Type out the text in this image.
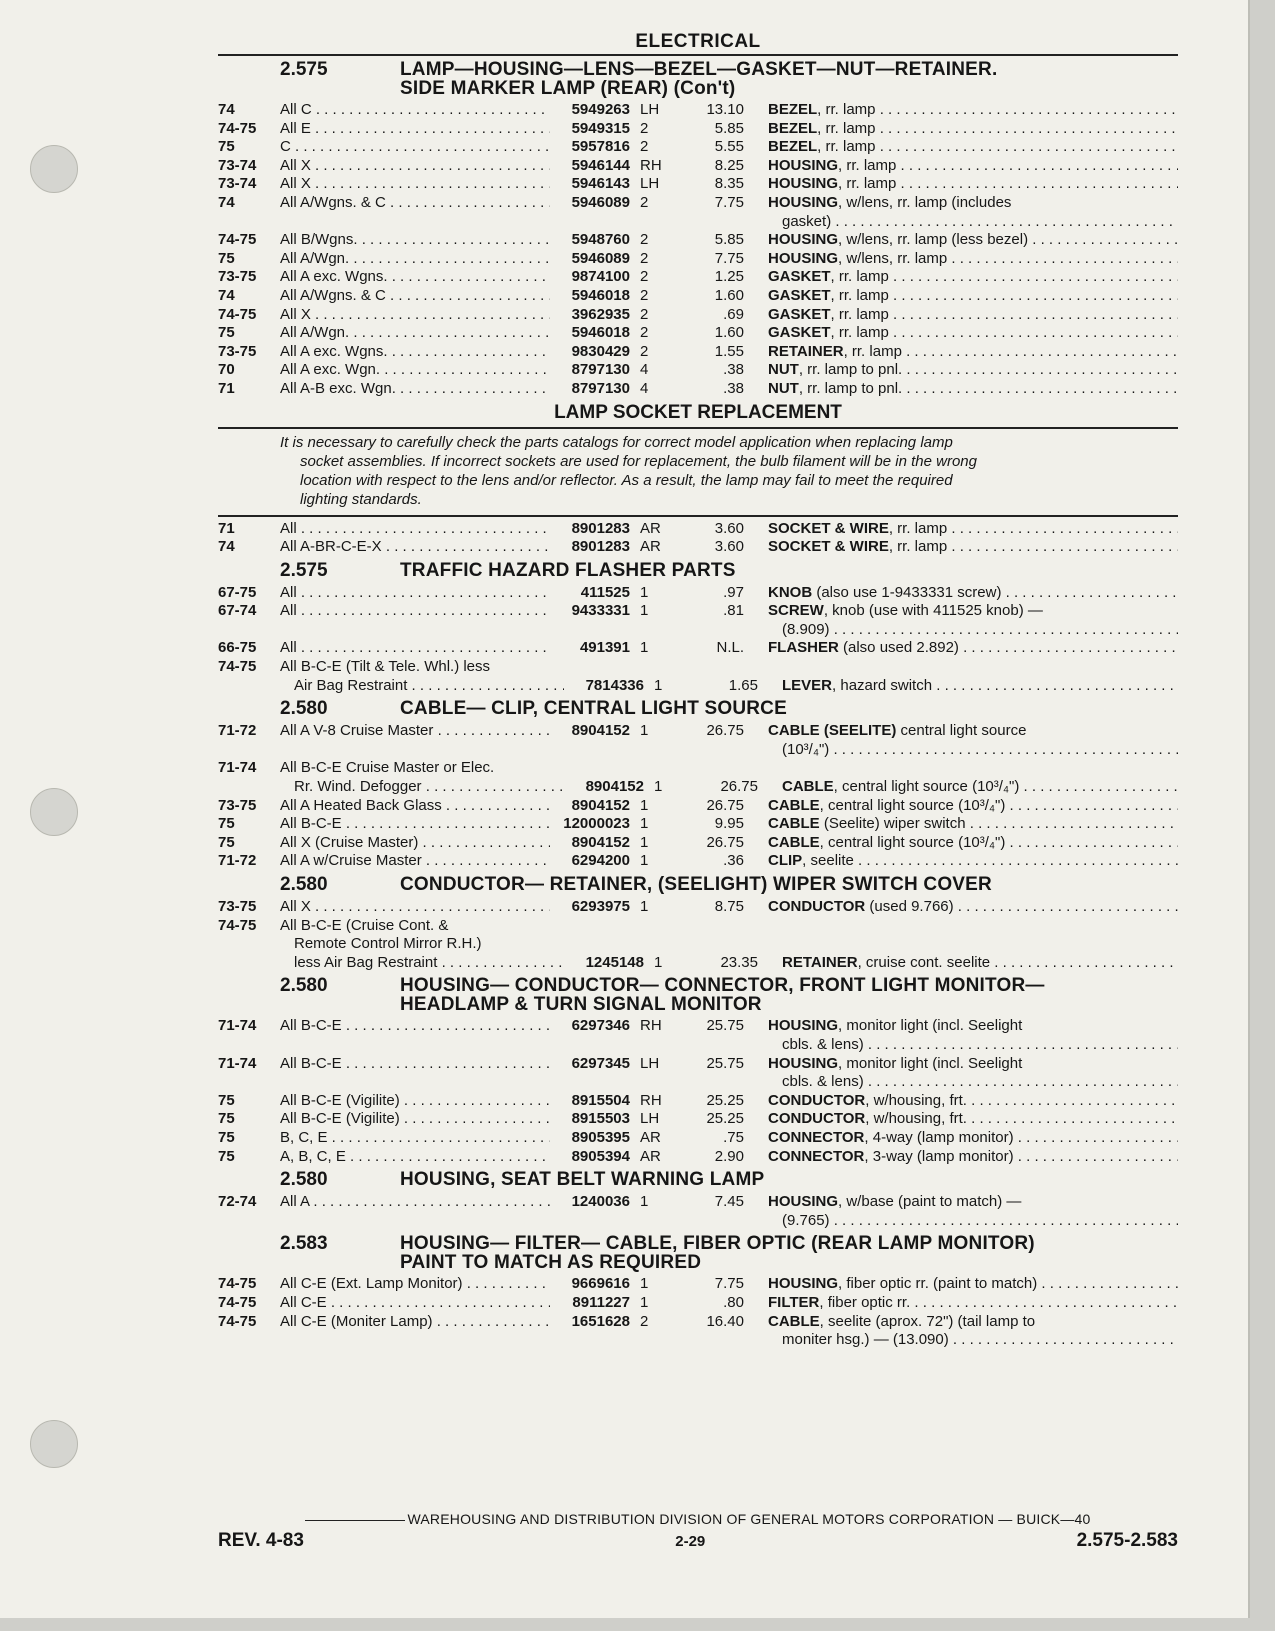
ELECTRICAL
2.575	LAMP—HOUSING—LENS—BEZEL—GASKET—NUT—RETAINER.
SIDE MARKER LAMP (REAR) (Con't)
74	All C . . .	5949263 LH	13.10	BEZEL, rr. lamp . . .
74-75	All E . . .	5949315 2	5.85	BEZEL, rr. lamp . . .
75	C . . .	5957816 2	5.55	BEZEL, rr. lamp . . .
73-74	All X . . .	5946144 RH	8.25	HOUSING, rr. lamp . . .
73-74	All X . . .	5946143 LH	8.35	HOUSING, rr. lamp . . .
74	All A/Wgns. & C . . .	5946089 2	7.75	HOUSING, w/lens, rr. lamp (includes
gasket) . . .
74-75	All B/Wgns. . . .	5948760 2	5.85	HOUSING, w/lens, rr. lamp (less bezel) . . .
75	All A/Wgn. . . .	5946089 2	7.75	HOUSING, w/lens, rr. lamp . . .
73-75	All A exc. Wgns. . . .	9874100 2	1.25	GASKET, rr. lamp . . .
74	All A/Wgns. & C . . .	5946018 2	1.60	GASKET, rr. lamp . . .
74-75	All X . . .	3962935 2	.69	GASKET, rr. lamp . . .
75	All A/Wgn. . . .	5946018 2	1.60	GASKET, rr. lamp . . .
73-75	All A exc. Wgns. . . .	9830429 2	1.55	RETAINER, rr. lamp . . .
70	All A exc. Wgn. . . .	8797130 4	.38	NUT, rr. lamp to pnl. . . .
71	All A-B exc. Wgn. . . .	8797130 4	.38	NUT, rr. lamp to pnl. . . .
LAMP SOCKET REPLACEMENT
It is necessary to carefully check the parts catalogs for correct model application when replacing lamp
socket assemblies. If incorrect sockets are used for replacement, the bulb filament will be in the wrong
location with respect to the lens and/or reflector. As a result, the lamp may fail to meet the required
lighting standards.
71	All . . .	8901283 AR	3.60	SOCKET & WIRE, rr. lamp . . .
74	All A-BR-C-E-X . . .	8901283 AR	3.60	SOCKET & WIRE, rr. lamp . . .
2.575	TRAFFIC HAZARD FLASHER PARTS
67-75	All . . .	411525 1	.97	KNOB (also use 1-9433331 screw) . . .
67-74	All . . .	9433331 1	.81	SCREW, knob (use with 411525 knob) —
(8.909) . . .
66-75	All . . .	491391 1	N.L.	FLASHER (also used 2.892) . . .
74-75	All B-C-E (Tilt & Tele. Whl.) less
Air Bag Restraint . . .	7814336 1	1.65	LEVER, hazard switch . . .
2.580	CABLE— CLIP, CENTRAL LIGHT SOURCE
71-72	All A V-8 Cruise Master . . .	8904152 1	26.75	CABLE (SEELITE) central light source
(10³/₄") . . .
71-74	All B-C-E Cruise Master or Elec.
Rr. Wind. Defogger . . .	8904152 1	26.75	CABLE, central light source (10³/₄") . . .
73-75	All A Heated Back Glass . . .	8904152 1	26.75	CABLE, central light source (10³/₄") . . .
75	All B-C-E . . .	12000023 1	9.95	CABLE (Seelite) wiper switch . . .
75	All X (Cruise Master) . . .	8904152 1	26.75	CABLE, central light source (10³/₄") . . .
71-72	All A w/Cruise Master . . .	6294200 1	.36	CLIP, seelite . . .
2.580	CONDUCTOR— RETAINER, (SEELIGHT) WIPER SWITCH COVER
73-75	All X . . .	6293975 1	8.75	CONDUCTOR (used 9.766) . . .
74-75	All B-C-E (Cruise Cont. &
Remote Control Mirror R.H.)
less Air Bag Restraint . . .	1245148 1	23.35	RETAINER, cruise cont. seelite . . .
2.580	HOUSING— CONDUCTOR— CONNECTOR, FRONT LIGHT MONITOR—
HEADLAMP & TURN SIGNAL MONITOR
71-74	All B-C-E . . .	6297346 RH	25.75	HOUSING, monitor light (incl. Seelight
cbls. & lens) . . .
71-74	All B-C-E . . .	6297345 LH	25.75	HOUSING, monitor light (incl. Seelight
cbls. & lens) . . .
75	All B-C-E (Vigilite) . . .	8915504 RH	25.25	CONDUCTOR, w/housing, frt. . . .
75	All B-C-E (Vigilite) . . .	8915503 LH	25.25	CONDUCTOR, w/housing, frt. . . .
75	B, C, E . . .	8905395 AR	.75	CONNECTOR, 4-way (lamp monitor) . . .
75	A, B, C, E . . .	8905394 AR	2.90	CONNECTOR, 3-way (lamp monitor) . . .
2.580	HOUSING, SEAT BELT WARNING LAMP
72-74	All A . . .	1240036 1	7.45	HOUSING, w/base (paint to match) —
(9.765) . . .
2.583	HOUSING— FILTER— CABLE, FIBER OPTIC (REAR LAMP MONITOR)
PAINT TO MATCH AS REQUIRED
74-75	All C-E (Ext. Lamp Monitor) . . .	9669616 1	7.75	HOUSING, fiber optic rr. (paint to match) . . .
74-75	All C-E . . .	8911227 1	.80	FILTER, fiber optic rr. . . .
74-75	All C-E (Moniter Lamp) . . .	1651628 2	16.40	CABLE, seelite (aprox. 72") (tail lamp to
moniter hsg.) — (13.090) . . .
WAREHOUSING AND DISTRIBUTION DIVISION OF GENERAL MOTORS CORPORATION — BUICK—40
REV. 4-83	2-29	2.575-2.583
